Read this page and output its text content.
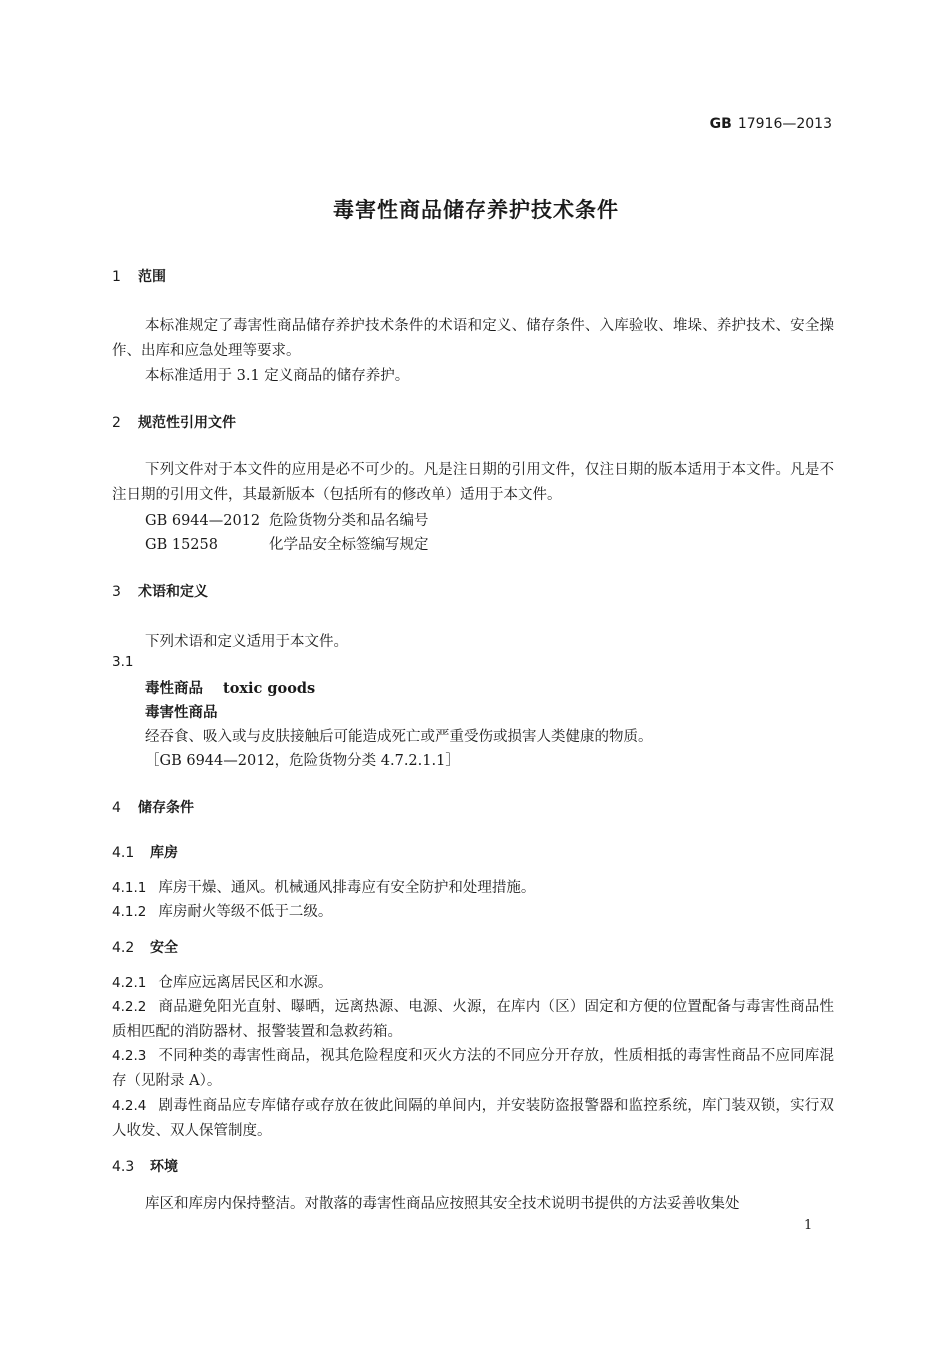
GB 17916—2013
毒害性商品储存养护技术条件
1 范围
本标准规定了毒害性商品储存养护技术条件的术语和定义、储存条件、入库验收、堆垛、养护技术、安全操作、出库和应急处理等要求。
本标准适用于 3.1 定义商品的储存养护。
2 规范性引用文件
下列文件对于本文件的应用是必不可少的。凡是注日期的引用文件，仅注日期的版本适用于本文件。凡是不注日期的引用文件，其最新版本（包括所有的修改单）适用于本文件。
GB 6944—2012 危险货物分类和品名编号
GB 15258	化学品安全标签编写规定
3 术语和定义
下列术语和定义适用于本文件。
3.1
毒性商品 toxic goods
毒害性商品
经吞食、吸入或与皮肤接触后可能造成死亡或严重受伤或损害人类健康的物质。
［GB 6944—2012，危险货物分类 4.7.2.1.1］
4 储存条件
4.1 库房
4.1.1 库房干燥、通风。机械通风排毒应有安全防护和处理措施。
4.1.2 库房耐火等级不低于二级。
4.2 安全
4.2.1 仓库应远离居民区和水源。
4.2.2 商品避免阳光直射、曝晒，远离热源、电源、火源，在库内（区）固定和方便的位置配备与毒害性商品性质相匹配的消防器材、报警装置和急救药箱。
4.2.3 不同种类的毒害性商品，视其危险程度和灭火方法的不同应分开存放，性质相抵的毒害性商品不应同库混存（见附录 A）。
4.2.4 剧毒性商品应专库储存或存放在彼此间隔的单间内，并安装防盗报警器和监控系统，库门装双锁，实行双人收发、双人保管制度。
4.3 环境
库区和库房内保持整洁。对散落的毒害性商品应按照其安全技术说明书提供的方法妥善收集处
1
